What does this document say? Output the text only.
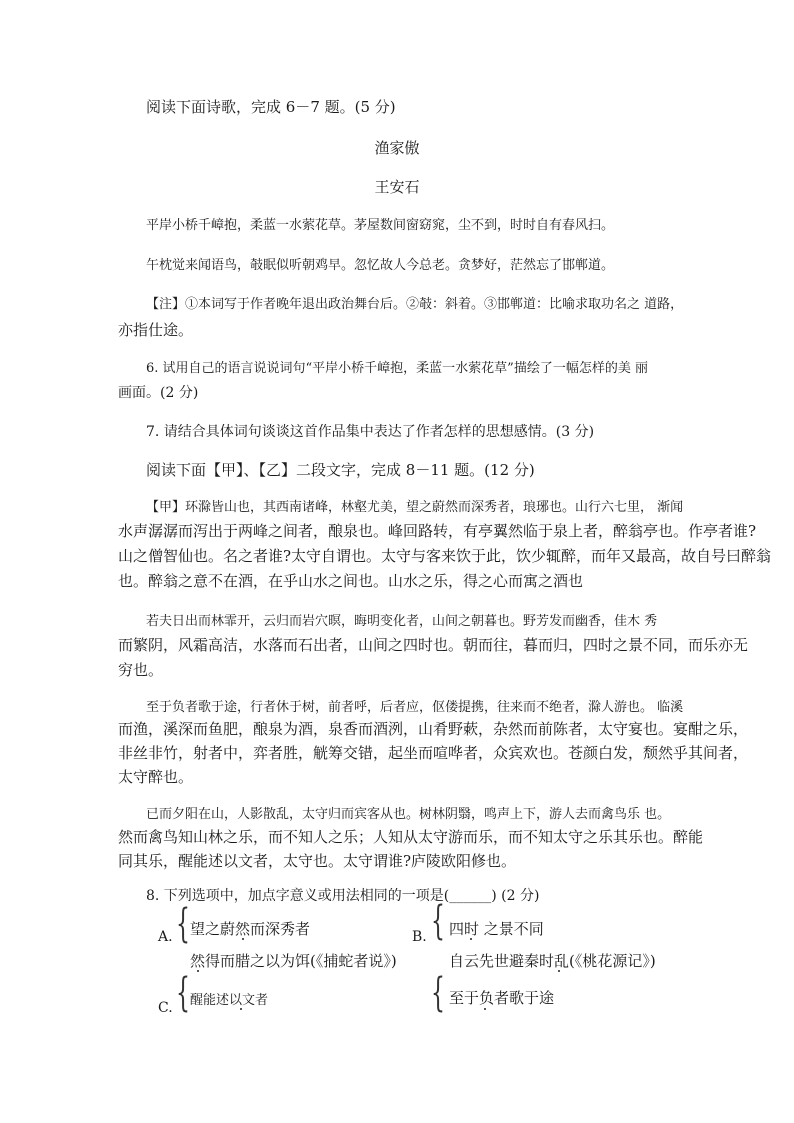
阅读下面诗歌，完成 6－7 题。(5 分)
渔家傲
王安石
平岸小桥千嶂抱，柔蓝一水萦花草。茅屋数间窗窈窕，尘不到，时时自有春风扫。
午枕觉来闻语鸟，攲眠似听朝鸡早。忽忆故人今总老。贪梦好，茫然忘了邯郸道。
【注】①本词写于作者晚年退出政治舞台后。②攲：斜着。③邯郸道：比喻求取功名之 道路，
亦指仕途。
6. 试用自己的语言说说词句“平岸小桥千嶂抱，柔蓝一水萦花草”描绘了一幅怎样的美 丽
画面。(2 分)
7. 请结合具体词句谈谈这首作品集中表达了作者怎样的思想感情。(3 分)
阅读下面【甲】、【乙】二段文字，完成 8－11 题。(12 分)
【甲】环滁皆山也，其西南诸峰，林壑尤美，望之蔚然而深秀者，琅琊也。山行六七里， 渐闻
水声潺潺而泻出于两峰之间者，酿泉也。峰回路转，有亭翼然临于泉上者，醉翁亭也。作亭者谁?
山之僧智仙也。名之者谁?太守自谓也。太守与客来饮于此，饮少辄醉，而年又最高，故自号曰醉翁
也。醉翁之意不在酒，在乎山水之间也。山水之乐，得之心而寓之酒也
若夫日出而林霏开，云归而岩穴暝，晦明变化者，山间之朝暮也。野芳发而幽香，佳木 秀
而繁阴，风霜高洁，水落而石出者，山间之四时也。朝而往，暮而归，四时之景不同，而乐亦无
穷也。
至于负者歌于途，行者休于树，前者呼，后者应，伛偻提携，往来而不绝者，滁人游也。 临溪
而渔，溪深而鱼肥，酿泉为酒，泉香而酒洌，山肴野蔌，杂然而前陈者，太守宴也。宴酣之乐，
非丝非竹，射者中，弈者胜，觥筹交错，起坐而喧哗者，众宾欢也。苍颜白发，颓然乎其间者，
太守醉也。
已而夕阳在山，人影散乱，太守归而宾客从也。树林阴翳，鸣声上下，游人去而禽鸟乐 也。
然而禽鸟知山林之乐，而不知人之乐；人知从太守游而乐，而不知太守之乐其乐也。醉能
同其乐，醒能述以文者，太守也。太守谓谁?庐陵欧阳修也。
8. 下列选项中，加点字意义或用法相同的一项是(______) (2 分)
A. { 望之蔚然而深秀者
然得而腊之以为饵(《捕蛇者说》)
B. { 四时 之景不同
自云先世避秦时乱(《桃花源记》)
C. { 醒能述以文者	{ 至于负者歌于途
